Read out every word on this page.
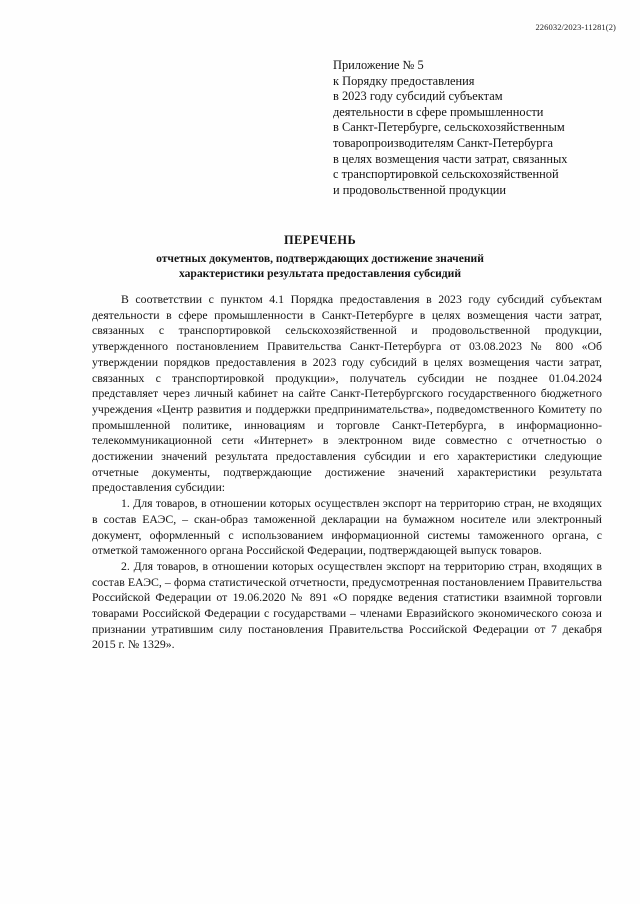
226032/2023-11281(2)
Приложение № 5
к Порядку предоставления
в 2023 году субсидий субъектам
деятельности в сфере промышленности
в Санкт-Петербурге, сельскохозяйственным
товаропроизводителям Санкт-Петербурга
в целях возмещения части затрат, связанных
с транспортировкой сельскохозяйственной
и продовольственной продукции
ПЕРЕЧЕНЬ
отчетных документов, подтверждающих достижение значений
характеристики результата предоставления субсидий

В соответствии с пунктом 4.1 Порядка предоставления в 2023 году субсидий субъектам деятельности в сфере промышленности в Санкт-Петербурге в целях возмещения части затрат, связанных с транспортировкой сельскохозяйственной и продовольственной продукции, утвержденного постановлением Правительства Санкт-Петербурга от 03.08.2023 № 800 «Об утверждении порядков предоставления в 2023 году субсидий в целях возмещения части затрат, связанных с транспортировкой продукции», получатель субсидии не позднее 01.04.2024 представляет через личный кабинет на сайте Санкт-Петербургского государственного бюджетного учреждения «Центр развития и поддержки предпринимательства», подведомственного Комитету по промышленной политике, инновациям и торговле Санкт-Петербурга, в информационно-телекоммуникационной сети «Интернет» в электронном виде совместно с отчетностью о достижении значений результата предоставления субсидии и его характеристики следующие отчетные документы, подтверждающие достижение значений характеристики результата предоставления субсидии:

1. Для товаров, в отношении которых осуществлен экспорт на территорию стран, не входящих в состав ЕАЭС, – скан-образ таможенной декларации на бумажном носителе или электронный документ, оформленный с использованием информационной системы таможенного органа, с отметкой таможенного органа Российской Федерации, подтверждающей выпуск товаров.

2. Для товаров, в отношении которых осуществлен экспорт на территорию стран, входящих в состав ЕАЭС, – форма статистической отчетности, предусмотренная постановлением Правительства Российской Федерации от 19.06.2020 № 891 «О порядке ведения статистики взаимной торговли товарами Российской Федерации с государствами – членами Евразийского экономического союза и признании утратившим силу постановления Правительства Российской Федерации от 7 декабря 2015 г. № 1329».
